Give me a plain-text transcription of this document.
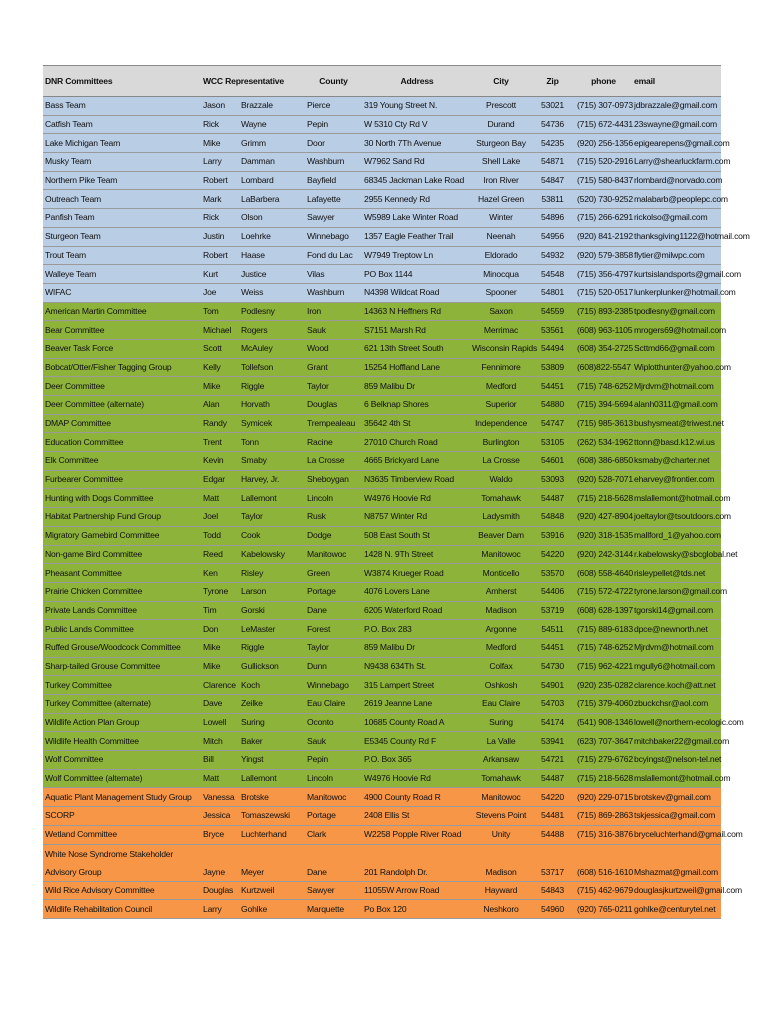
DNR Committees	WCC Representative		County	Address	City	Zip	phone	email
Bass Team	Jason	Brazzale	Pierce	319 Young Street N.	Prescott	53021	(715) 307-0973	jdbrazzale@gmail.com
Catfish Team	Rick	Wayne	Pepin	W 5310 Cty Rd V	Durand	54736	(715) 672-4431	23swayne@gmail.com
Lake Michigan Team	Mike	Grimm	Door	30 North 7Th Avenue	Sturgeon Bay	54235	(920) 256-1356	epigearepens@gmail.com
Musky Team	Larry	Damman	Washburn	W7962 Sand Rd	Shell Lake	54871	(715) 520-2916	Larry@shearluckfarm.com
Northern Pike Team	Robert	Lombard	Bayfield	68345 Jackman Lake Road	Iron River	54847	(715) 580-8437	rlombard@norvado.com
Outreach Team	Mark	LaBarbera	Lafayette	2955 Kennedy Rd	Hazel Green	53811	(520) 730-9252	malabarb@peoplepc.com
Panfish Team	Rick	Olson	Sawyer	W5989 Lake Winter Road	Winter	54896	(715) 266-6291	rickolso@gmail.com
Sturgeon Team	Justin	Loehrke	Winnebago	1357 Eagle Feather Trail	Neenah	54956	(920) 841-2192	thanksgiving1122@hotmail.com
Trout Team	Robert	Haase	Fond du Lac	W7949 Treptow Ln	Eldorado	54932	(920) 579-3858	flytier@milwpc.com
Walleye Team	Kurt	Justice	Vilas	PO Box 1144	Minocqua	54548	(715) 356-4797	kurtsislandsports@gmail.com
WIFAC	Joe	Weiss	Washburn	N4398 Wildcat Road	Spooner	54801	(715) 520-0517	lunkerplunker@hotmail.com
American Martin Committee	Tom	Podlesny	Iron	14363 N Heffners Rd	Saxon	54559	(715) 893-2385	tpodlesny@gmail.com
Bear Committee	Michael	Rogers	Sauk	S7151 Marsh Rd	Merrimac	53561	(608) 963-1105	mrogers69@hotmail.com
Beaver Task Force	Scott	McAuley	Wood	621 13th Street South	Wisconsin Rapids	54494	(608) 354-2725	Scttmd66@gmail.com
Bobcat/Otter/Fisher Tagging Group	Kelly	Tollefson	Grant	15254 Hoffland Lane	Fennimore	53809	(608)822-5547	Wiplotthunter@yahoo.com
Deer Committee	Mike	Riggle	Taylor	859 Malibu Dr	Medford	54451	(715) 748-6252	Mjrdvm@hotmail.com
Deer Committee (alternate)	Alan	Horvath	Douglas	6 Belknap Shores	Superior	54880	(715) 394-5694	alanh0311@gmail.com
DMAP Committee	Randy	Symicek	Trempealeau	35642 4th St	Independence	54747	(715) 985-3613	bushysmeat@triwest.net
Education Committee	Trent	Tonn	Racine	27010 Church Road	Burlington	53105	(262) 534-1962	ttonn@basd.k12.wi.us
Elk Committee	Kevin	Smaby	La Crosse	4665 Brickyard Lane	La Crosse	54601	(608) 386-6850	ksmaby@charter.net
Furbearer Committee	Edgar	Harvey, Jr.	Sheboygan	N3635 Timberview Road	Waldo	53093	(920) 528-7071	eharvey@frontier.com
Hunting with Dogs Committee	Matt	Lallemont	Lincoln	W4976 Hoovie Rd	Tomahawk	54487	(715) 218-5628	mslallemont@hotmail.com
Habitat Partnership Fund Group	Joel	Taylor	Rusk	N8757 Winter Rd	Ladysmith	54848	(920) 427-8904	joeltaylor@tsoutdoors.com
Migratory Gamebird Committee	Todd	Cook	Dodge	508 East South St	Beaver Dam	53916	(920) 318-1535	mallford_1@yahoo.com
Non-game Bird Committee	Reed	Kabelowsky	Manitowoc	1428 N. 9Th Street	Manitowoc	54220	(920) 242-3144	r.kabelowsky@sbcglobal.net
Pheasant Committee	Ken	Risley	Green	W3874 Krueger Road	Monticello	53570	(608) 558-4640	risleypellet@tds.net
Prairie Chicken Committee	Tyrone	Larson	Portage	4076 Lovers Lane	Amherst	54406	(715) 572-4722	tyrone.larson@gmail.com
Private Lands Committee	Tim	Gorski	Dane	6205 Waterford Road	Madison	53719	(608) 628-1397	tgorski14@gmail.com
Public Lands Committee	Don	LeMaster	Forest	P.O. Box 283	Argonne	54511	(715) 889-6183	dpce@newnorth.net
Ruffed Grouse/Woodcock Committee	Mike	Riggle	Taylor	859 Malibu Dr	Medford	54451	(715) 748-6252	Mjrdvm@hotmail.com
Sharp-tailed Grouse Committee	Mike	Gullickson	Dunn	N9438 634Th St.	Colfax	54730	(715) 962-4221	mgully6@hotmail.com
Turkey Committee	Clarence	Koch	Winnebago	315 Lampert Street	Oshkosh	54901	(920) 235-0282	clarence.koch@att.net
Turkey Committee (alternate)	Dave	Zeilke	Eau Claire	2619 Jeanne Lane	Eau Claire	54703	(715) 379-4060	zbuckchsr@aol.com
Wildlife Action Plan Group	Lowell	Suring	Oconto	10685 County Road A	Suring	54174	(541) 908-1346	lowell@northern-ecologic.com
Wildlife Health Committee	Mitch	Baker	Sauk	E5345 County Rd F	La Valle	53941	(623) 707-3647	mitchbaker22@gmail.com
Wolf Committee	Bill	Yingst	Pepin	P.O. Box 365	Arkansaw	54721	(715) 279-6762	bcyingst@nelson-tel.net
Wolf Committee (alternate)	Matt	Lallemont	Lincoln	W4976 Hoovie Rd	Tomahawk	54487	(715) 218-5628	mslallemont@hotmail.com
Aquatic Plant Management Study Group	Vanessa	Brotske	Manitowoc	4900 County Road R	Manitowoc	54220	(920) 229-0715	brotskev@gmail.com
SCORP	Jessica	Tomaszewski	Portage	2408 Ellis St	Stevens Point	54481	(715) 869-2863	tskjessica@gmail.com
Wetland Committee	Bryce	Luchterhand	Clark	W2258 Popple River Road	Unity	54488	(715) 316-3876	bryceluchterhand@gmail.com
White Nose Syndrome Stakeholder Advisory Group	Jayne	Meyer	Dane	201 Randolph Dr.	Madison	53717	(608) 516-1610	Mshazmat@gmail.com
Wild Rice Advisory Committee	Douglas	Kurtzweil	Sawyer	11055W Arrow Road	Hayward	54843	(715) 462-9679	douglasjkurtzweil@gmail.com
Wildlife Rehabilitation Council	Larry	Gohlke	Marquette	Po Box 120	Neshkoro	54960	(920) 765-0211	gohlke@centurytel.net
